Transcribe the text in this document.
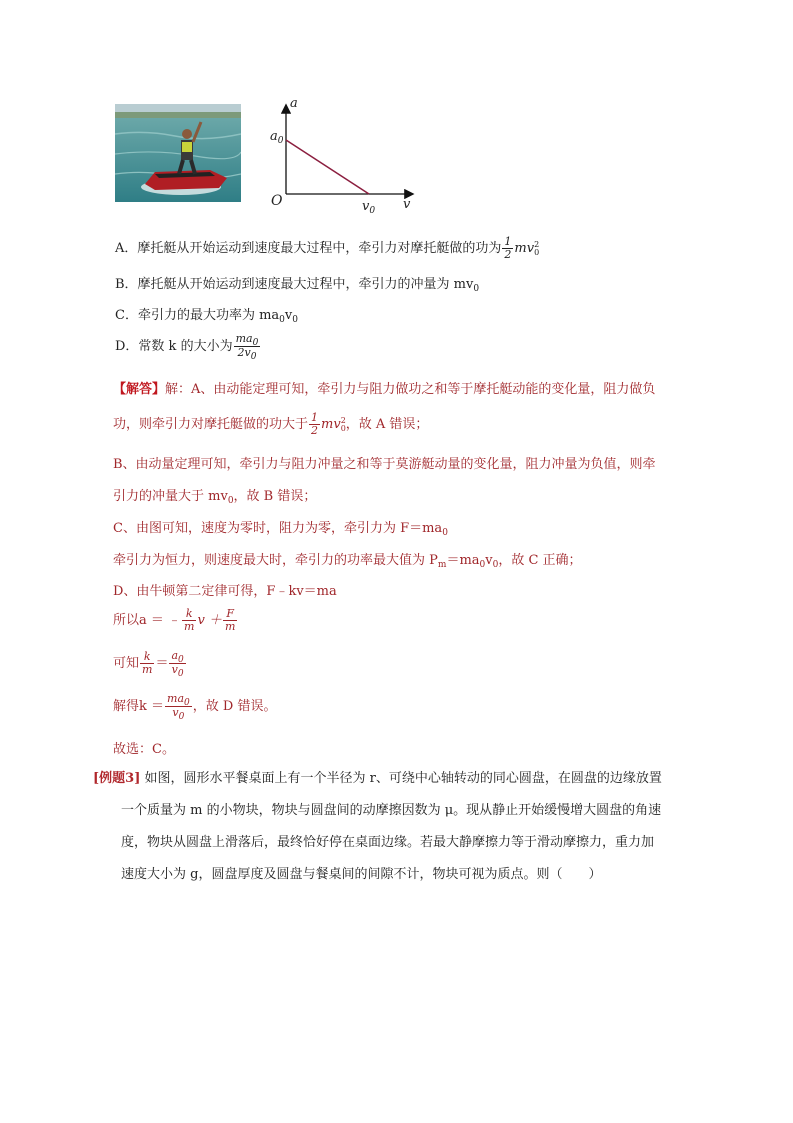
a
v
O
$a_0$
$v_0$
A．摩托艇从开始运动到速度最大过程中，牵引力对摩托艇做的功为 $\frac{1}{2}$ mv 2
0
B．摩托艇从开始运动到速度最大过程中，牵引力的冲量为 $mv_0$
C．牵引力的最大功率为 $ma_0v_0$
D．常数 k 的大小为 $\frac{ma_0}{2v_0}$
【解答】解：A、由动能定理可知，牵引力与阻力做功之和等于摩托艇动能的变化量，阻力做负
功，则牵引力对摩托艇做的功大于 $\frac{1}{2}$ mv 2
0 ，故 A 错误；
B、由动量定理可知，牵引力与阻力冲量之和等于莫游艇动量的变化量，阻力冲量为负值，则牵
引力的冲量大于 $mv_0$，故 B 错误；
C、由图可知，速度为零时，阻力为零，牵引力为 $F=ma_0$
牵引力为恒力，则速度最大时，牵引力的功率最大值为 $P_m=ma_0v_0$，故 C 正确；
D、由牛顿第二定律可得，F﹣kv＝ma
所以a ＝ ﹣ $\frac{k}{m}$ $v + \frac{F}{m}$
可知 $\frac{k}{m} = \frac{a_0}{v_0}$
解得$k = \frac{ma_0}{v_0}$ ，故 D 错误。
故选：C。
[例题3] 如图，圆形水平餐桌面上有一个半径为 r、可绕中心轴转动的同心圆盘，在圆盘的边缘放置
一个质量为 m 的小物块，物块与圆盘间的动摩擦因数为 μ。现从静止开始缓慢增大圆盘的角速
度，物块从圆盘上滑落后，最终恰好停在桌面边缘。若最大静摩擦力等于滑动摩擦力，重力加
速度大小为 g，圆盘厚度及圆盘与餐桌间的间隙不计，物块可视为质点。则（　　）
